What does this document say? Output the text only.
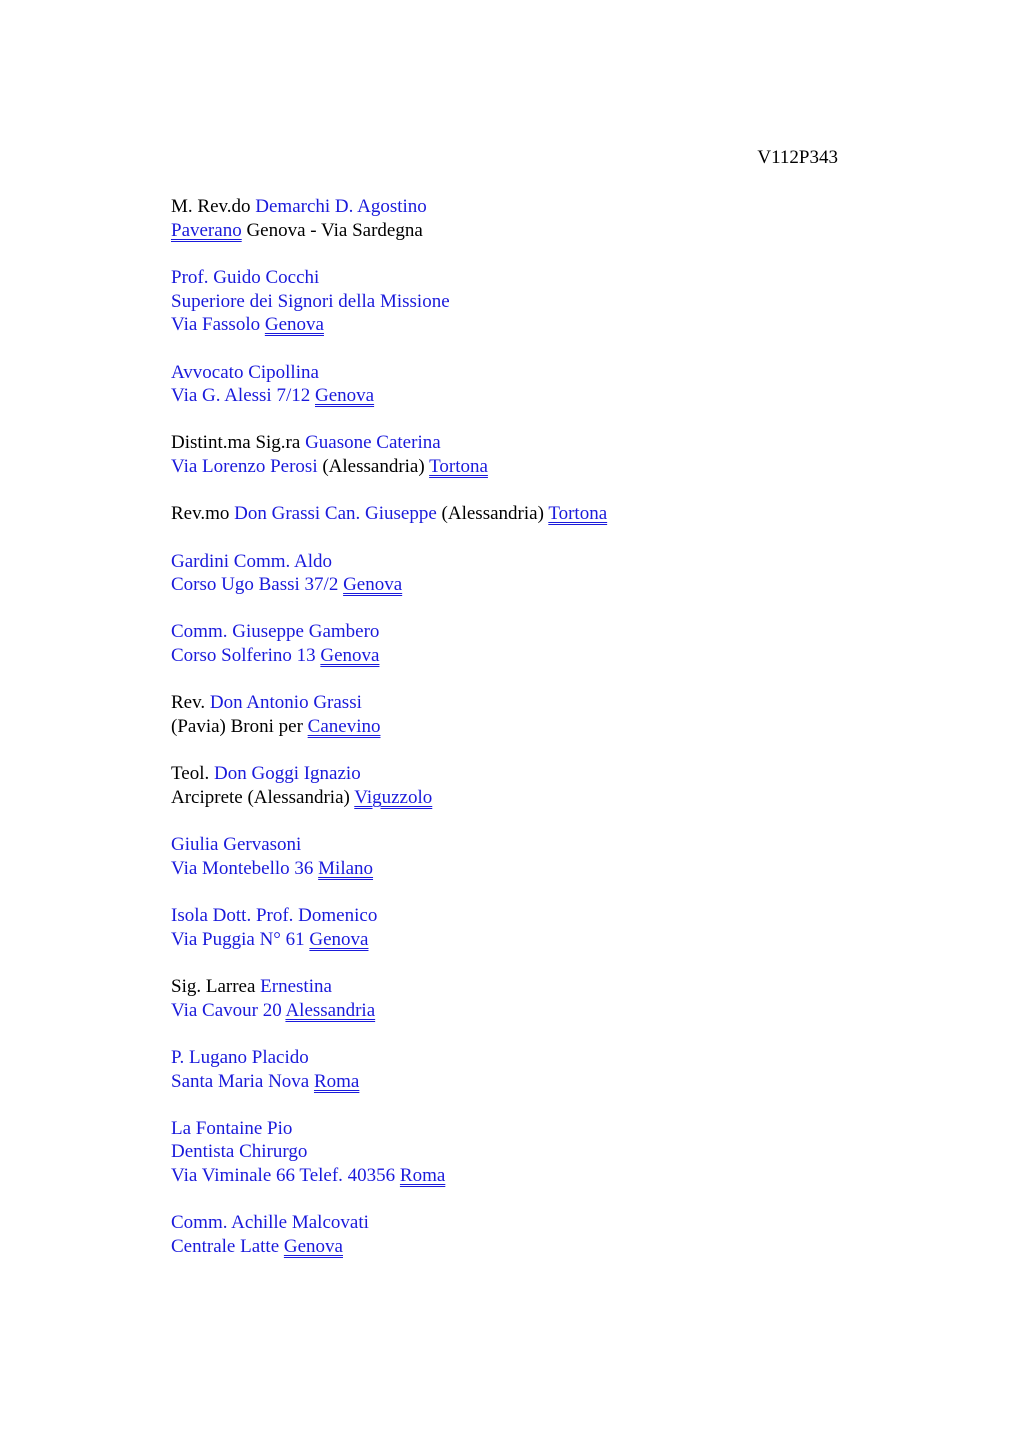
V112P343
M. Rev.do Demarchi D. Agostino
Paverano Genova - Via Sardegna
Prof. Guido Cocchi
Superiore dei Signori della Missione
Via Fassolo Genova
Avvocato Cipollina
Via G. Alessi 7/12 Genova
Distint.ma Sig.ra Guasone Caterina
Via Lorenzo Perosi (Alessandria) Tortona
Rev.mo Don Grassi Can. Giuseppe (Alessandria) Tortona
Gardini Comm. Aldo
Corso Ugo Bassi 37/2 Genova
Comm. Giuseppe Gambero
Corso Solferino 13 Genova
Rev. Don Antonio Grassi
(Pavia) Broni per Canevino
Teol. Don Goggi Ignazio
Arciprete (Alessandria) Viguzzolo
Giulia Gervasoni
Via Montebello 36 Milano
Isola Dott. Prof. Domenico
Via Puggia N° 61 Genova
Sig. Larrea Ernestina
Via Cavour 20 Alessandria
P. Lugano Placido
Santa Maria Nova Roma
La Fontaine Pio
Dentista Chirurgo
Via Viminale 66 Telef. 40356 Roma
Comm. Achille Malcovati
Centrale Latte Genova
